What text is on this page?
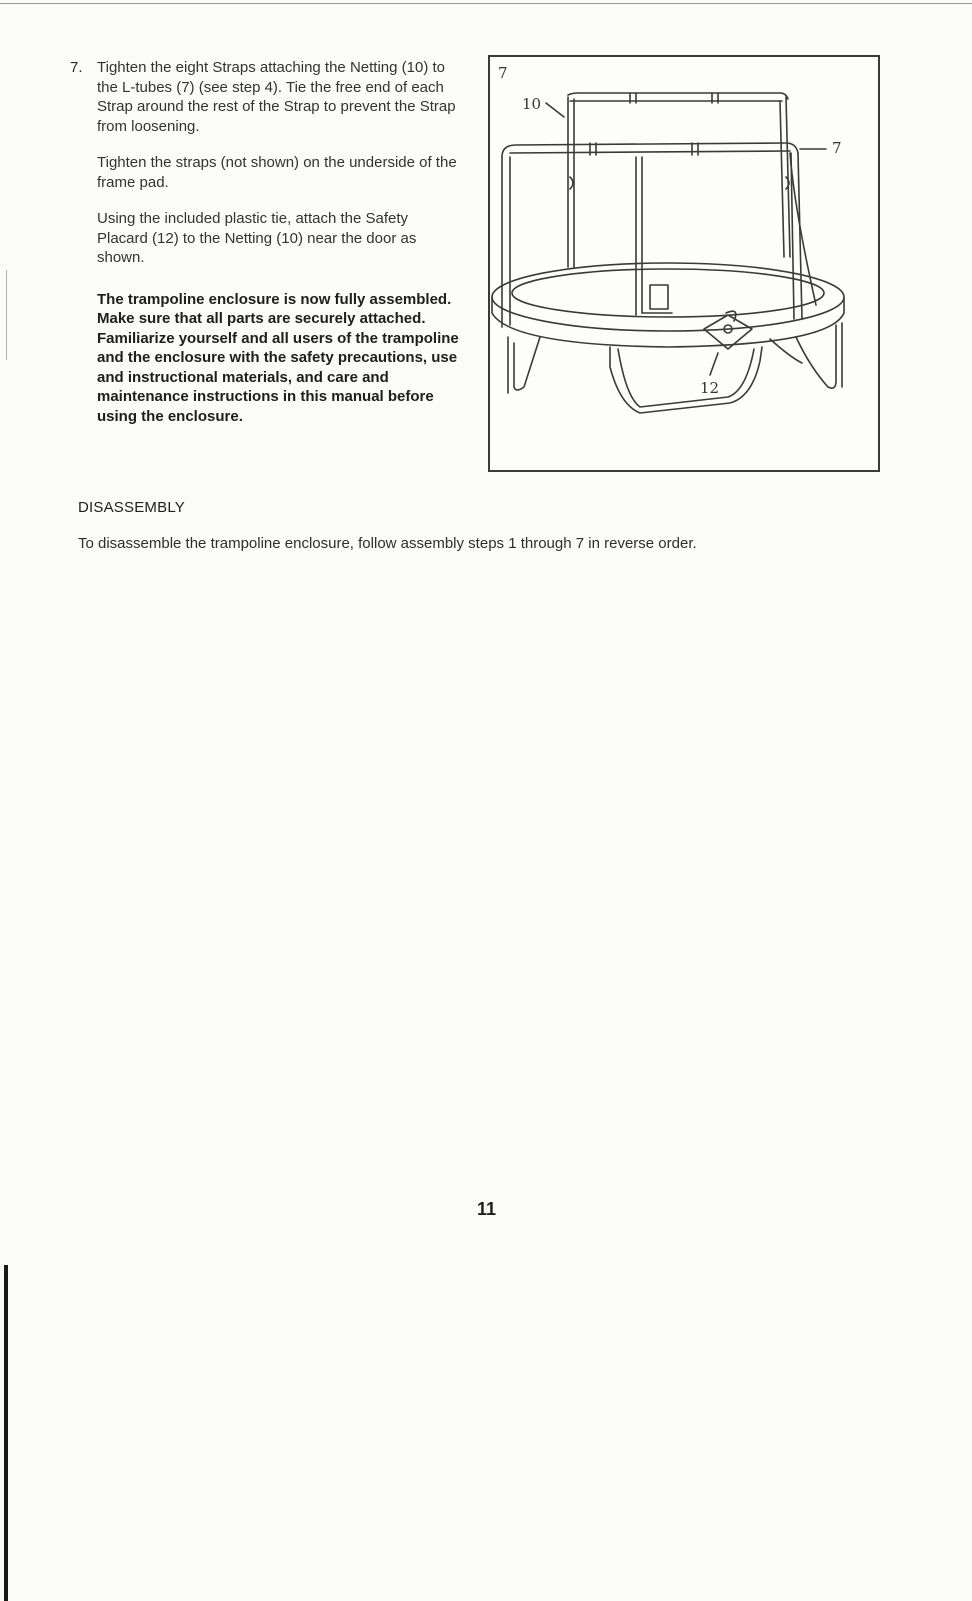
7. Tighten the eight Straps attaching the Netting (10) to the L-tubes (7) (see step 4). Tie the free end of each Strap around the rest of the Strap to prevent the Strap from loosening.

Tighten the straps (not shown) on the underside of the frame pad.

Using the included plastic tie, attach the Safety Placard (12) to the Netting (10) near the door as shown.

The trampoline enclosure is now fully assembled. Make sure that all parts are securely attached. Familiarize yourself and all users of the trampoline and the enclosure with the safety precautions, use and instructional materials, and care and maintenance instructions in this manual before using the enclosure.

7
10
7
12
DISASSEMBLY
To disassemble the trampoline enclosure, follow assembly steps 1 through 7 in reverse order.
11
